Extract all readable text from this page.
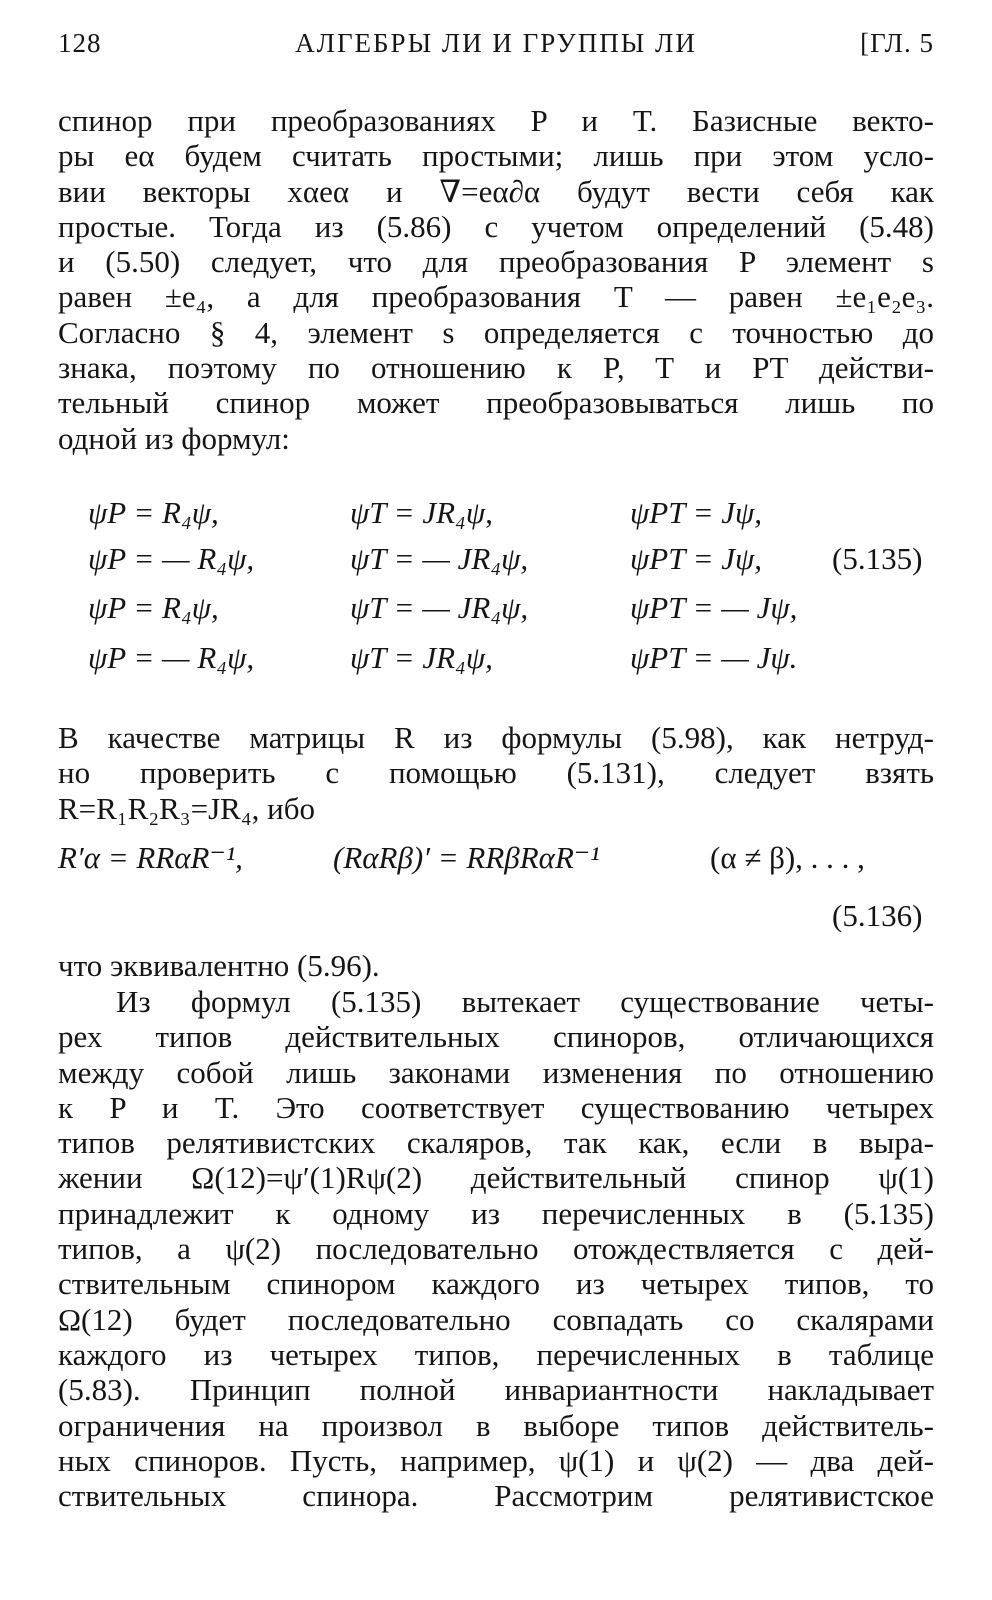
128	АЛГЕБРЫ ЛИ И ГРУППЫ ЛИ	[ГЛ. 5
спинор при преобразованиях P и T. Базисные векто-
ры eα будем считать простыми; лишь при этом усло-
вии векторы xαeα и ∇=eα∂α будут вести себя как
простые. Тогда из (5.86) с учетом определений (5.48)
и (5.50) следует, что для преобразования P элемент s
равен ±e₄, а для преобразования T — равен ±e₁e₂e₃.
Согласно § 4, элемент s определяется с точностью до
знака, поэтому по отношению к P, T и PT действи-
тельный спинор может преобразовываться лишь по
одной из формул:
ψP = R₄ψ,	ψT = JR₄ψ,	ψPT = Jψ,
ψP = — R₄ψ,	ψT = — JR₄ψ,	ψPT = Jψ, (5.135)
ψP = R₄ψ,	ψT = — JR₄ψ,	ψPT = — Jψ,
ψP = — R₄ψ,	ψT = JR₄ψ,	ψPT = — Jψ.
В качестве матрицы R из формулы (5.98), как нетруд-
но проверить с помощью (5.131), следует взять
R=R₁R₂R₃=JR₄, ибо
R′α = RRαR⁻¹,	(RαRβ)′ = RRβRαR⁻¹	(α ≠ β), . . . ,
(5.136)
что эквивалентно (5.96).
Из формул (5.135) вытекает существование четы-
рех типов действительных спиноров, отличающихся
между собой лишь законами изменения по отношению
к P и T. Это соответствует существованию четырех
типов релятивистских скаляров, так как, если в выра-
жении Ω(12)=ψ′(1)Rψ(2) действительный спинор ψ(1)
принадлежит к одному из перечисленных в (5.135)
типов, а ψ(2) последовательно отождествляется с дей-
ствительным спинором каждого из четырех типов, то
Ω(12) будет последовательно совпадать со скалярами
каждого из четырех типов, перечисленных в таблице
(5.83). Принцип полной инвариантности накладывает
ограничения на произвол в выборе типов действитель-
ных спиноров. Пусть, например, ψ(1) и ψ(2) — два дей-
ствительных спинора. Рассмотрим релятивистское
